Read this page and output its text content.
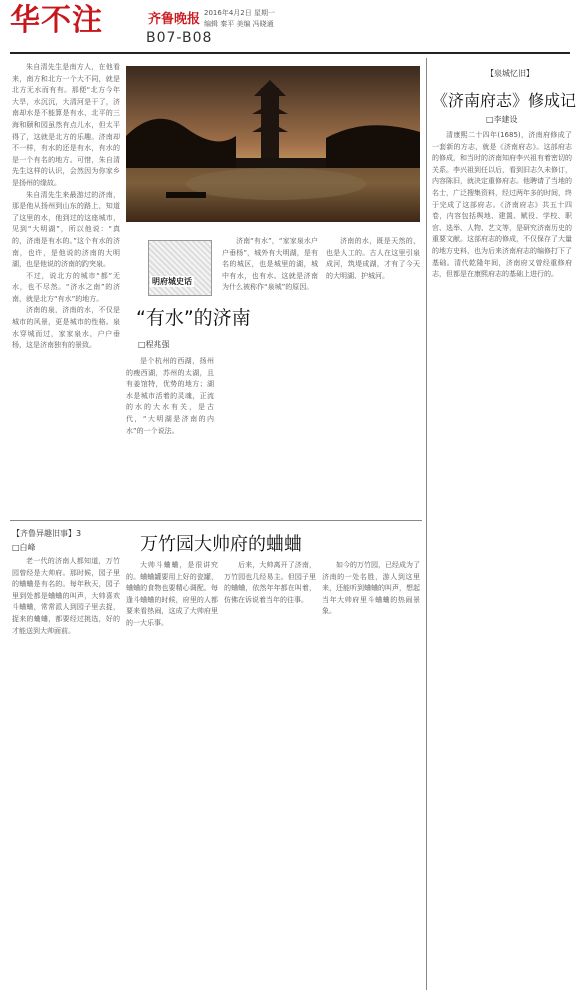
华不注	齐鲁晚报 2016年4月2日 星期一
编辑 秦平 美编 冯晓通
B07-B08

朱自清先生是南方人，在他看来，南方和北方一个大不同，就是北方无水而有有。那便“北方今年大旱，水沉沉，大清河是干了，济南却水是不能算是有水，北平的三海和颐和园虽然有点儿水，但太平得了，这就是北方的乐趣。济南却不一样，有水的还是有水，有水的是一个有名的地方。可惜，朱自清先生这样的认识，会然因为你家乡是扬州的缘故。

朱自清先生来最游过的济南，那是他从扬州到山东的路上，知道了这里的水，他到过的这座城市，见到“大明湖”，所以他说：“真的，济南是有水的。”这个有水的济南，也许，是他说的济南的大明湖，也是他说的济南的趵突泉。

不过，说北方的城市“都”无水，也不尽然。“济水之南”的济南，就是北方“有水”的地方。

济南的泉，济南的水，不仅是城市的风景，更是城市的性格。泉水穿城而过，家家泉水，户户垂杨，这是济南独有的景致。

明府城史话
“有水”的济南
□程兆强

是个杭州的西湖，扬州的瘦西湖，苏州的太湖，且有姜馆特，优势的地方；湖水是城市活着的灵魂，正流的水的大水有关，是古代，“大明湖是济南的内水”的一个说法。

济南“有水”，“家家泉水户户垂杨”，城外有大明湖，是有名的城区，也是城里的湖，城中有水，也有水。这就是济南为什么被称作“泉城”的原因。

济南的水，既是天然的，也是人工的。古人在这里引泉成河，筑堤成湖，才有了今天的大明湖、护城河。

【泉城忆旧】
《济南府志》修成记
□李建设

清康熙二十四年(1685)，济南府修成了一套新的方志，就是《济南府志》。这部府志的修成，和当时的济南知府李兴祖有着密切的关系。李兴祖到任以后，看到旧志久未修订，内容陈旧，就决定重修府志。他聘请了当地的名士，广泛搜集资料，经过两年多的时间，终于完成了这部府志。《济南府志》共五十四卷，内容包括舆地、建置、赋役、学校、职官、选举、人物、艺文等，是研究济南历史的重要文献。这部府志的修成，不仅保存了大量的地方史料，也为后来济南府志的编修打下了基础。清代乾隆年间，济南府又曾经重修府志，但都是在康熙府志的基础上进行的。

【齐鲁异趣旧事】3
□白峰	万竹园大帅府的蛐蛐

老一代的济南人都知道，万竹园曾经是大帅府。那时候，园子里的蛐蛐是有名的。每年秋天，园子里到处都是蛐蛐的叫声，大帅喜欢斗蛐蛐，常常派人到园子里去捉，捉来的蛐蛐，都要经过挑选，好的才能送到大帅面前。

大帅斗蛐蛐，是很讲究的。蛐蛐罐要用上好的瓷罐，蛐蛐的食物也要精心调配。每逢斗蛐蛐的时候，府里的人都要来看热闹，这成了大帅府里的一大乐事。

后来，大帅离开了济南，万竹园也几经易主。但园子里的蛐蛐，依然年年都在叫着，仿佛在诉说着当年的往事。

如今的万竹园，已经成为了济南的一处名胜，游人到这里来，还能听到蛐蛐的叫声，想起当年大帅府里斗蛐蛐的热闹景象。
